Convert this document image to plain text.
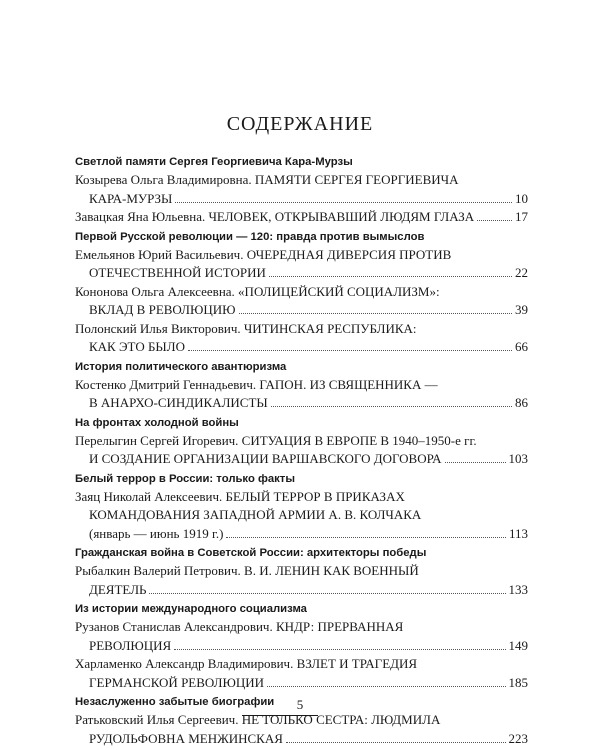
СОДЕРЖАНИЕ
Светлой памяти Сергея Георгиевича Кара-Мурзы
Козырева Ольга Владимировна. ПАМЯТИ СЕРГЕЯ ГЕОРГИЕВИЧА
КАРА-МУРЗЫ	10
Завацкая Яна Юльевна. ЧЕЛОВЕК, ОТКРЫВАВШИЙ ЛЮДЯМ ГЛАЗА	17
Первой Русской революции — 120: правда против вымыслов
Емельянов Юрий Васильевич. ОЧЕРЕДНАЯ ДИВЕРСИЯ ПРОТИВ
ОТЕЧЕСТВЕННОЙ ИСТОРИИ	22
Кононова Ольга Алексеевна. «ПОЛИЦЕЙСКИЙ СОЦИАЛИЗМ»:
ВКЛАД В РЕВОЛЮЦИЮ	39
Полонский Илья Викторович. ЧИТИНСКАЯ РЕСПУБЛИКА:
КАК ЭТО БЫЛО	66
История политического авантюризма
Костенко Дмитрий Геннадьевич. ГАПОН. ИЗ СВЯЩЕННИКА —
В АНАРХО-СИНДИКАЛИСТЫ	86
На фронтах холодной войны
Перелыгин Сергей Игоревич. СИТУАЦИЯ В ЕВРОПЕ В 1940–1950-е гг.
И СОЗДАНИЕ ОРГАНИЗАЦИИ ВАРШАВСКОГО ДОГОВОРА	103
Белый террор в России: только факты
Заяц Николай Алексеевич. БЕЛЫЙ ТЕРРОР В ПРИКАЗАХ
КОМАНДОВАНИЯ ЗАПАДНОЙ АРМИИ А. В. КОЛЧАКА
(январь — июнь 1919 г.)	113
Гражданская война в Советской России: архитекторы победы
Рыбалкин Валерий Петрович. В. И. ЛЕНИН КАК ВОЕННЫЙ
ДЕЯТЕЛЬ	133
Из истории международного социализма
Рузанов Станислав Александрович. КНДР: ПРЕРВАННАЯ
РЕВОЛЮЦИЯ	149
Харламенко Александр Владимирович. ВЗЛЕТ И ТРАГЕДИЯ
ГЕРМАНСКОЙ РЕВОЛЮЦИИ	185
Незаслуженно забытые биографии
Ратьковский Илья Сергеевич. НЕ ТОЛЬКО СЕСТРА: ЛЮДМИЛА
РУДОЛЬФОВНА МЕНЖИНСКАЯ	223
5
